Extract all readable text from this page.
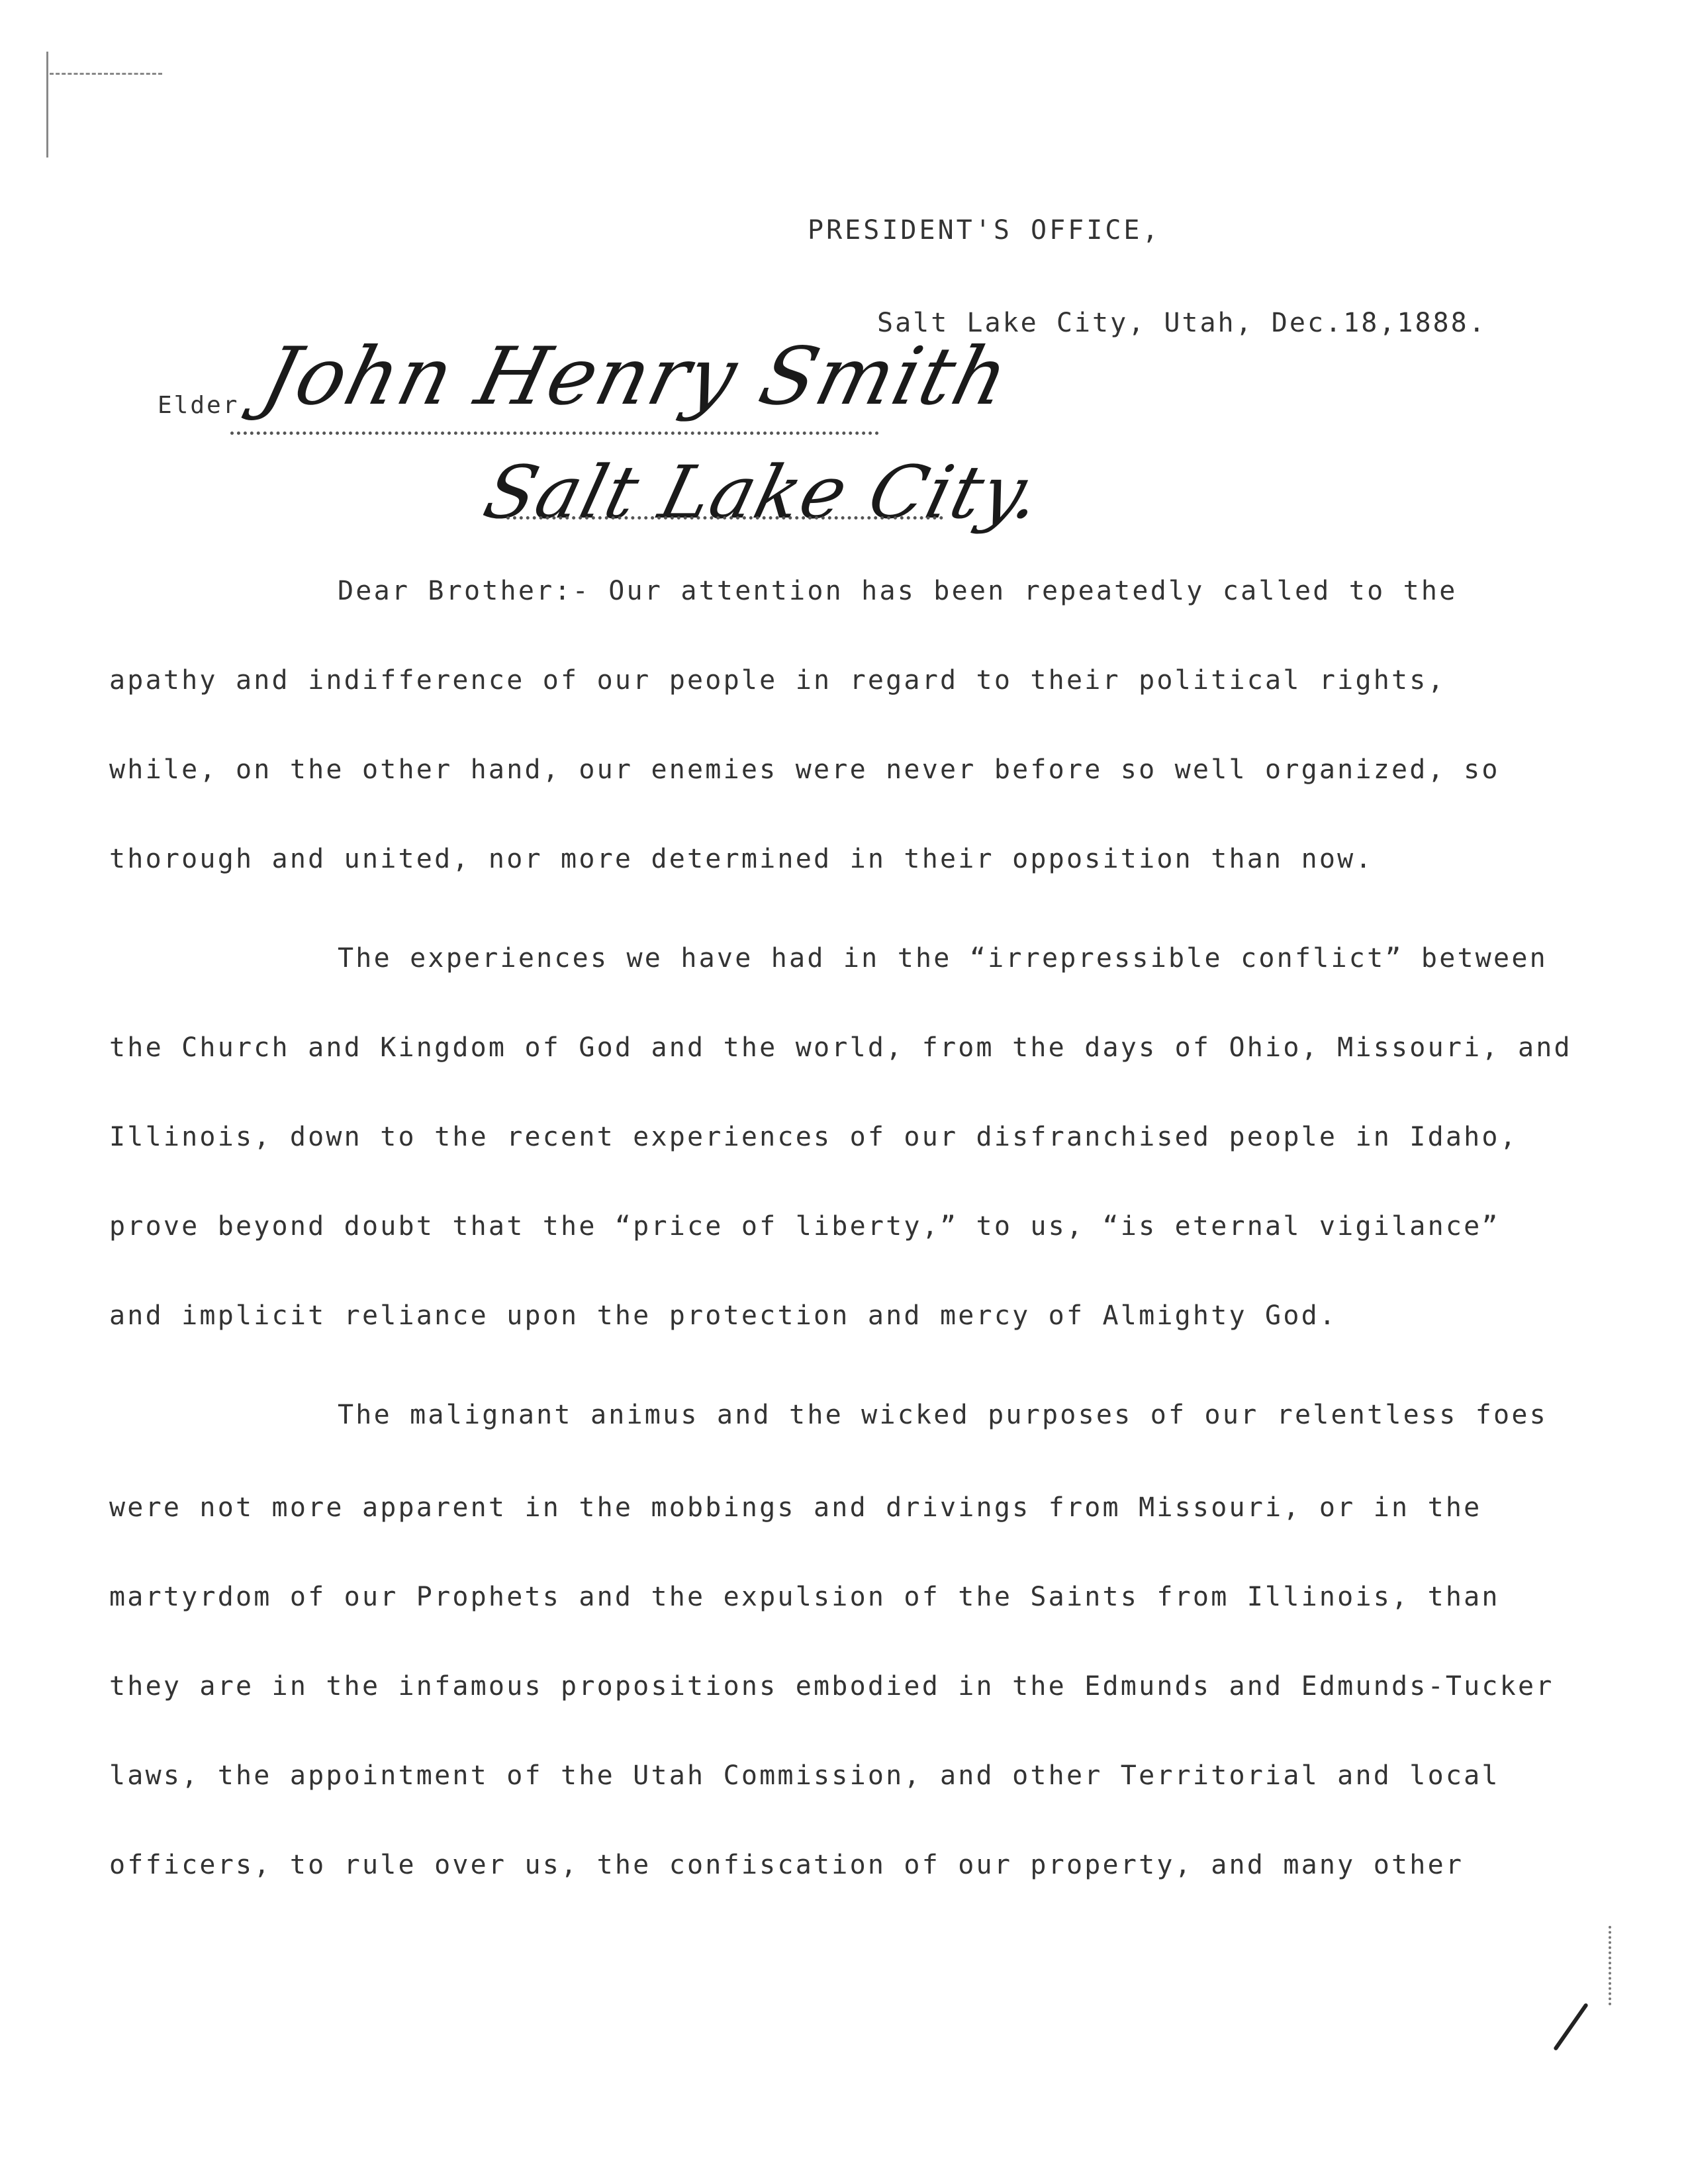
PRESIDENT'S OFFICE,
Salt Lake City, Utah, Dec.18,1888.
Elder.
John Henry Smith
Salt Lake City.
Dear Brother:- Our attention has been repeatedly called to the
apathy and indifference of our people in regard to their political rights,
while, on the other hand, our enemies were never before so well organized, so
thorough and united, nor more determined in their opposition than now.
The experiences we have had in the “irrepressible conflict” between
the Church and Kingdom of God and the world, from the days of Ohio, Missouri, and
Illinois, down to the recent experiences of our disfranchised people in Idaho,
prove beyond doubt that the “price of liberty,” to us, “is eternal vigilance”
and implicit reliance upon the protection and mercy of Almighty God.
The malignant animus and the wicked purposes of our relentless foes
were not more apparent in the mobbings and drivings from Missouri, or in the
martyrdom of our Prophets and the expulsion of the Saints from Illinois, than
they are in the infamous propositions embodied in the Edmunds and Edmunds-Tucker
laws, the appointment of the Utah Commission, and other Territorial and local
officers, to rule over us, the confiscation of our property, and many other
